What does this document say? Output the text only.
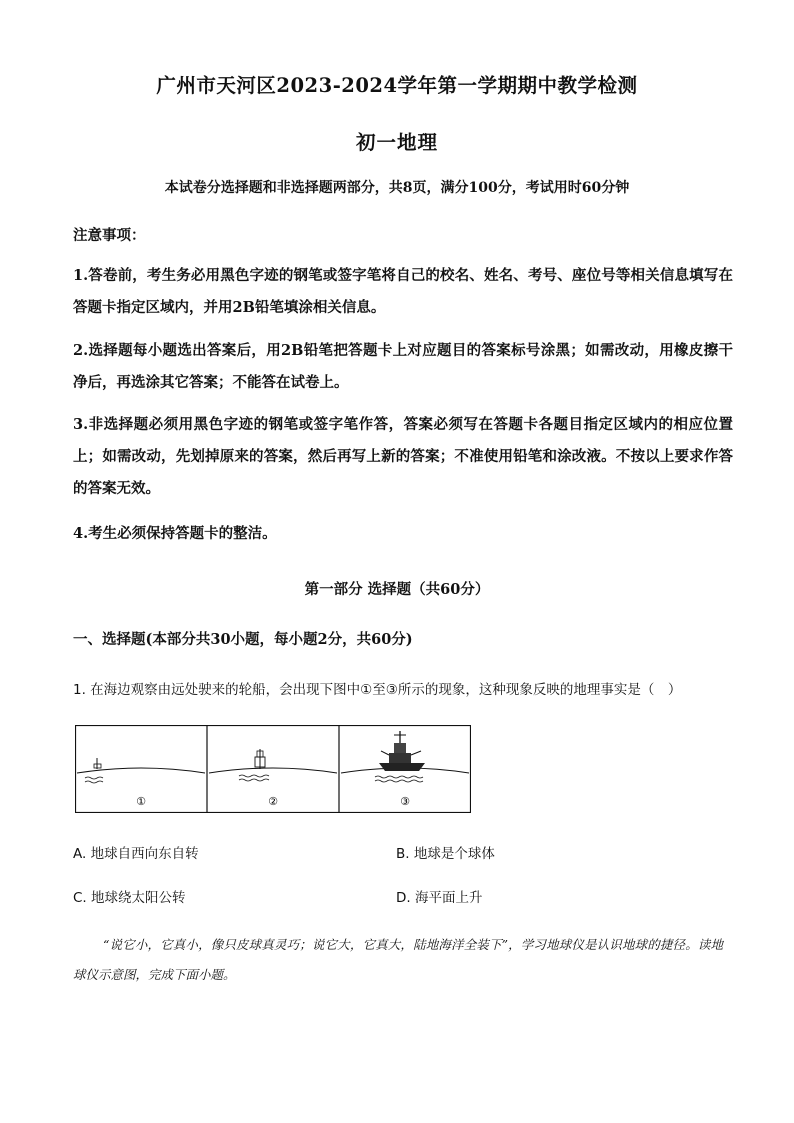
广州市天河区2023-2024学年第一学期期中教学检测
初一地理
本试卷分选择题和非选择题两部分，共8页，满分100分，考试用时60分钟
注意事项：
1.答卷前，考生务必用黑色字迹的钢笔或签字笔将自己的校名、姓名、考号、座位号等相关信息填写在答题卡指定区域内，并用2B铅笔填涂相关信息。
2.选择题每小题选出答案后，用2B铅笔把答题卡上对应题目的答案标号涂黑；如需改动，用橡皮擦干净后，再选涂其它答案；不能答在试卷上。
3.非选择题必须用黑色字迹的钢笔或签字笔作答，答案必须写在答题卡各题目指定区域内的相应位置上；如需改动，先划掉原来的答案，然后再写上新的答案；不准使用铅笔和涂改液。不按以上要求作答的答案无效。
4.考生必须保持答题卡的整洁。
第一部分 选择题（共60分）
一、选择题(本部分共30小题，每小题2分，共60分)
1. 在海边观察由远处驶来的轮船，会出现下图中①至③所示的现象，这种现象反映的地理事实是（　）
①	②	③
A. 地球自西向东自转	B. 地球是个球体
C. 地球绕太阳公转	D. 海平面上升
“说它小，它真小，像只皮球真灵巧；说它大，它真大，陆地海洋全装下”，学习地球仪是认识地球的捷径。读地球仪示意图，完成下面小题。
